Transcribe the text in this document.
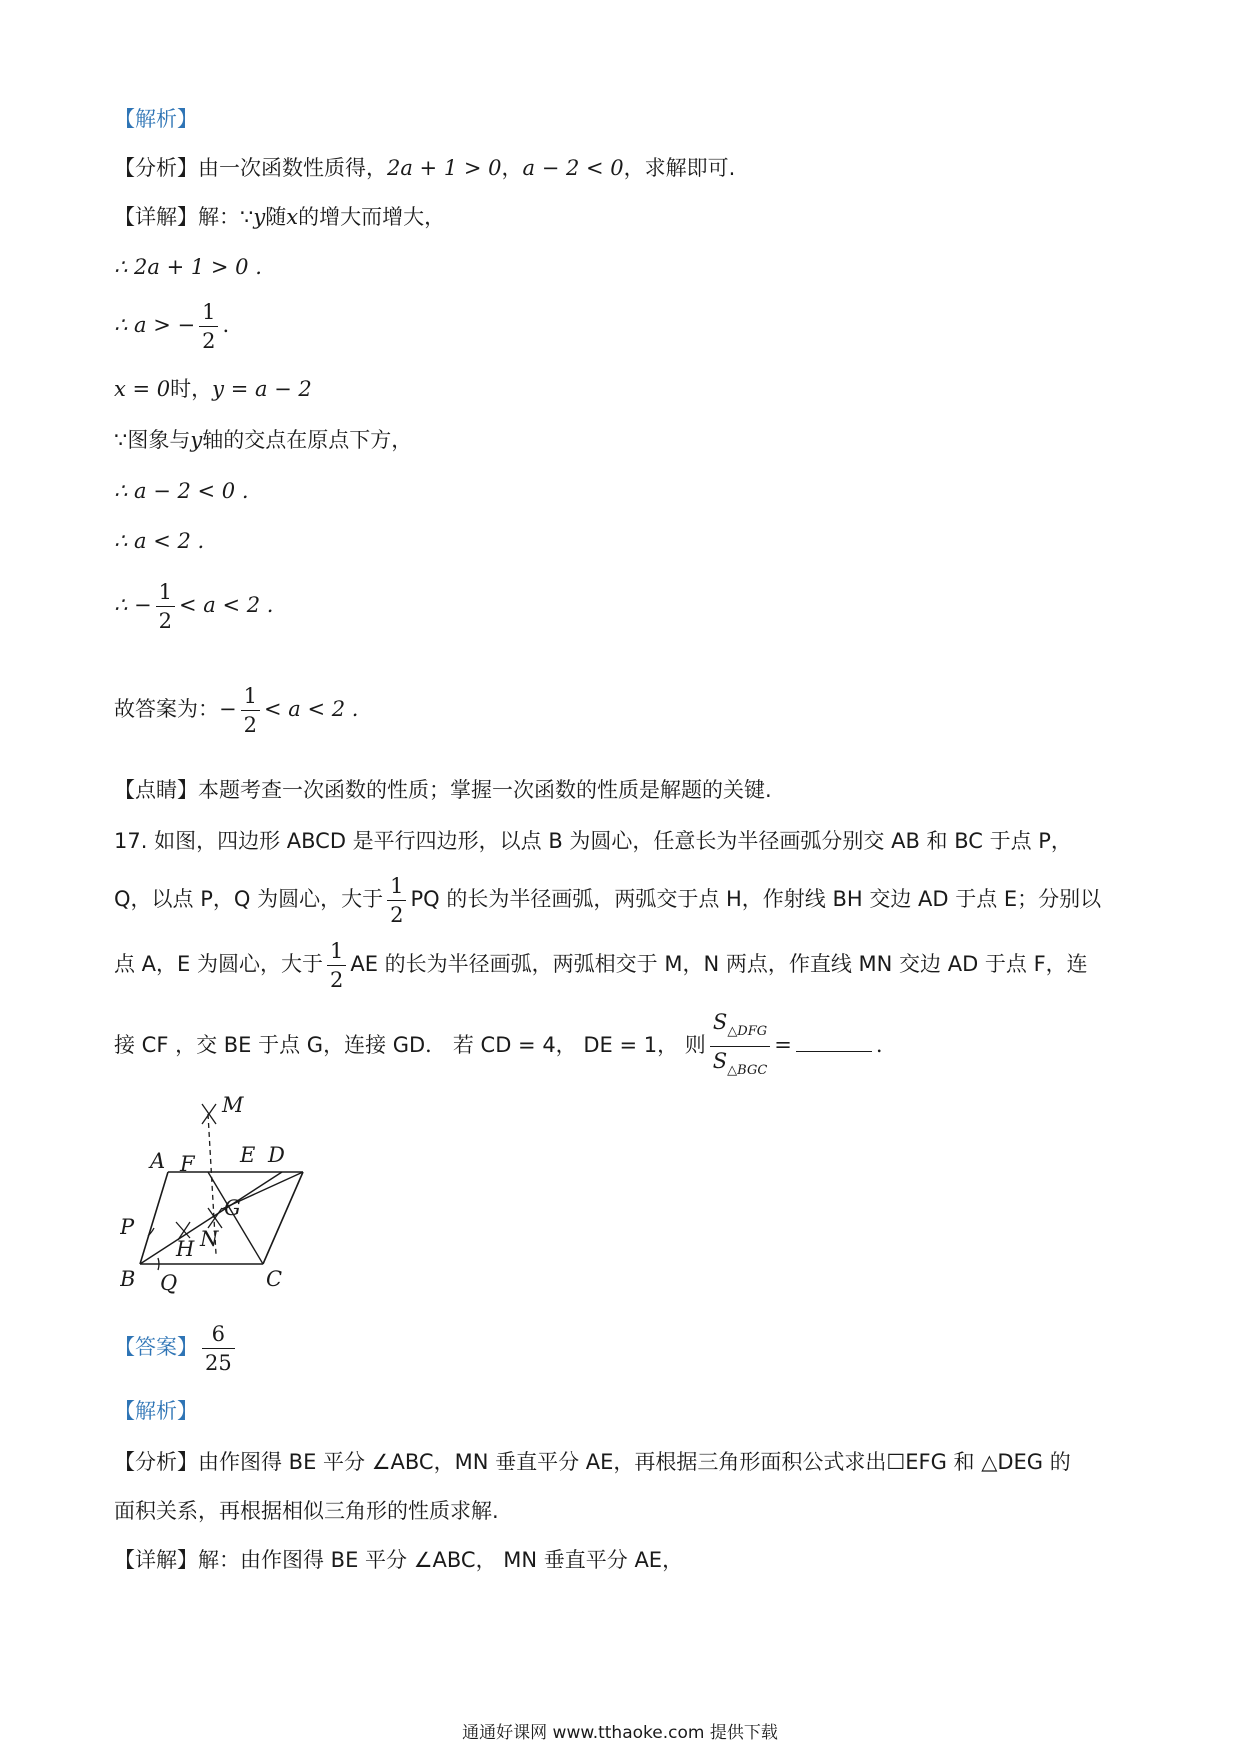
【解析】
【分析】由一次函数性质得，2a + 1 > 0，a − 2 < 0，求解即可.
【详解】解：∵y随x的增大而增大，
∴ 2a + 1 > 0 .
∴ a > − $\frac{1}{2}$ .
x = 0时，y = a − 2
∵图象与y轴的交点在原点下方，
∴ a − 2 < 0 .
∴ a < 2 .
∴ − $\frac{1}{2} < a < 2$ .
故答案为：− $\frac{1}{2} < a < 2$ .
【点睛】本题考查一次函数的性质；掌握一次函数的性质是解题的关键.
17. 如图，四边形 ABCD 是平行四边形，以点 B 为圆心，任意长为半径画弧分别交 AB 和 BC 于点 P，
Q，以点 P，Q 为圆心，大于 $\frac{1}{2}$ PQ 的长为半径画弧，两弧交于点 H，作射线 BH 交边 AD 于点 E；分别以
点 A，E 为圆心，大于 $\frac{1}{2}$ AE 的长为半径画弧，两弧相交于 M，N 两点，作直线 MN 交边 AD 于点 F，连
接 CF ，交 BE 于点 G，连接 GD． 若 CD = 4， DE = 1， 则 $\frac{S_{\triangle DFG}}{S_{\triangle BGC}}$ =	.
A F E D
M
G
N
H
P
B Q	C
【答案】 $\frac{6}{25}$
【解析】
【分析】由作图得 BE 平分 ∠ABC，MN 垂直平分 AE，再根据三角形面积公式求出☐EFG 和 △DEG 的
面积关系，再根据相似三角形的性质求解.
【详解】解：由作图得 BE 平分 ∠ABC， MN 垂直平分 AE，
通通好课网 www.tthaoke.com 提供下载
